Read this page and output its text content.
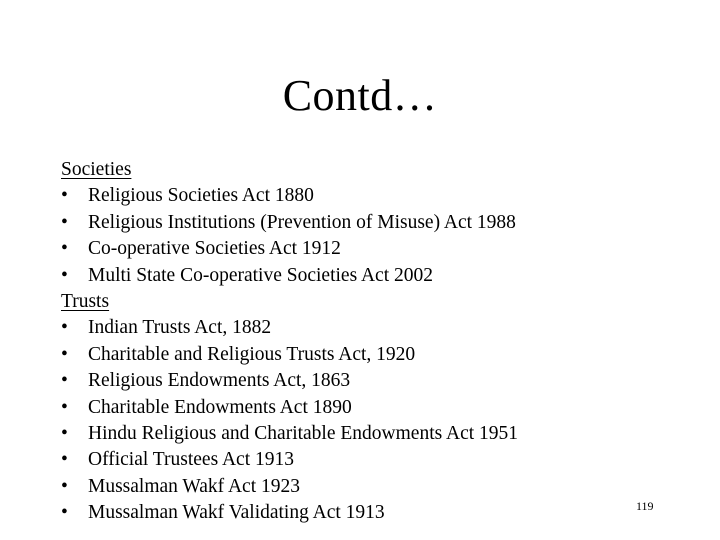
Contd…
Societies
•	Religious Societies Act 1880
•	Religious Institutions (Prevention of Misuse) Act 1988
•	Co-operative Societies Act 1912
•	Multi State Co-operative Societies Act 2002
Trusts
•	Indian Trusts Act, 1882
•	Charitable and Religious Trusts Act, 1920
•	Religious Endowments Act, 1863
•	Charitable Endowments Act 1890
•	Hindu Religious and Charitable Endowments Act 1951
•	Official Trustees Act 1913
•	Mussalman Wakf Act 1923
•	Mussalman Wakf Validating Act 1913	119
